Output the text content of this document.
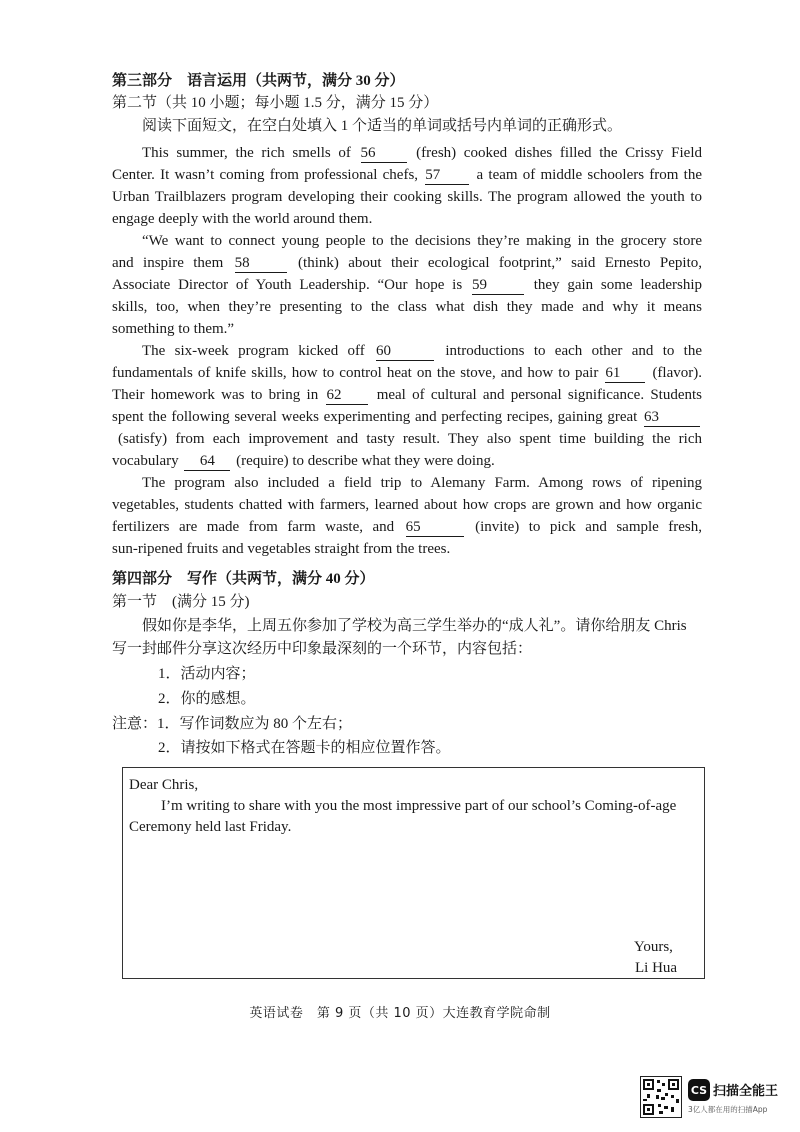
第三部分　语言运用（共两节，满分 30 分）
第二节（共 10 小题；每小题 1.5 分，满分 15 分）
阅读下面短文，在空白处填入 1 个适当的单词或括号内单词的正确形式。
This summer, the rich smells of 56	(fresh) cooked dishes filled the Crissy Field
Center. It wasn’t coming from professional chefs, 57 a team of middle schoolers from the
Urban Trailblazers program developing their cooking skills. The program allowed the youth to
engage deeply with the world around them.
“We want to connect young people to the decisions they’re making in the grocery store
and inspire them 58	(think) about their ecological footprint,” said Ernesto Pepito,
Associate Director of Youth Leadership. “Our hope is 59	they gain some leadership
skills, too, when they’re presenting to the class what dish they made and why it means
something to them.”
The six-week program kicked off 60	introductions to each other and to the
fundamentals of knife skills, how to control heat on the stove, and how to pair 61 (flavor).
Their homework was to bring in 62 meal of cultural and personal significance. Students
spent the following several weeks experimenting and perfecting recipes, gaining great 63
(satisfy) from each improvement and tasty result. They also spent time building the rich
vocabulary 64 (require) to describe what they were doing.
The program also included a field trip to Alemany Farm. Among rows of ripening
vegetables, students chatted with farmers, learned about how crops are grown and how organic
fertilizers are made from farm waste, and 65	(invite) to pick and sample fresh,
sun-ripened fruits and vegetables straight from the trees.
第四部分　写作（共两节，满分 40 分）
第一节　(满分 15 分)
假如你是李华，上周五你参加了学校为高三学生举办的“成人礼”。请你给朋友 Chris
写一封邮件分享这次经历中印象最深刻的一个环节，内容包括：
1．活动内容；
2．你的感想。
注意：1．写作词数应为 80 个左右；
2．请按如下格式在答题卡的相应位置作答。
Dear Chris,
I’m writing to share with you the most impressive part of our school’s Coming-of-age
Ceremony held last Friday.
Yours,
Li Hua
英语试卷　第 9 页（共 10 页）大连教育学院命制
CS 扫描全能王
3亿人都在用的扫描App
